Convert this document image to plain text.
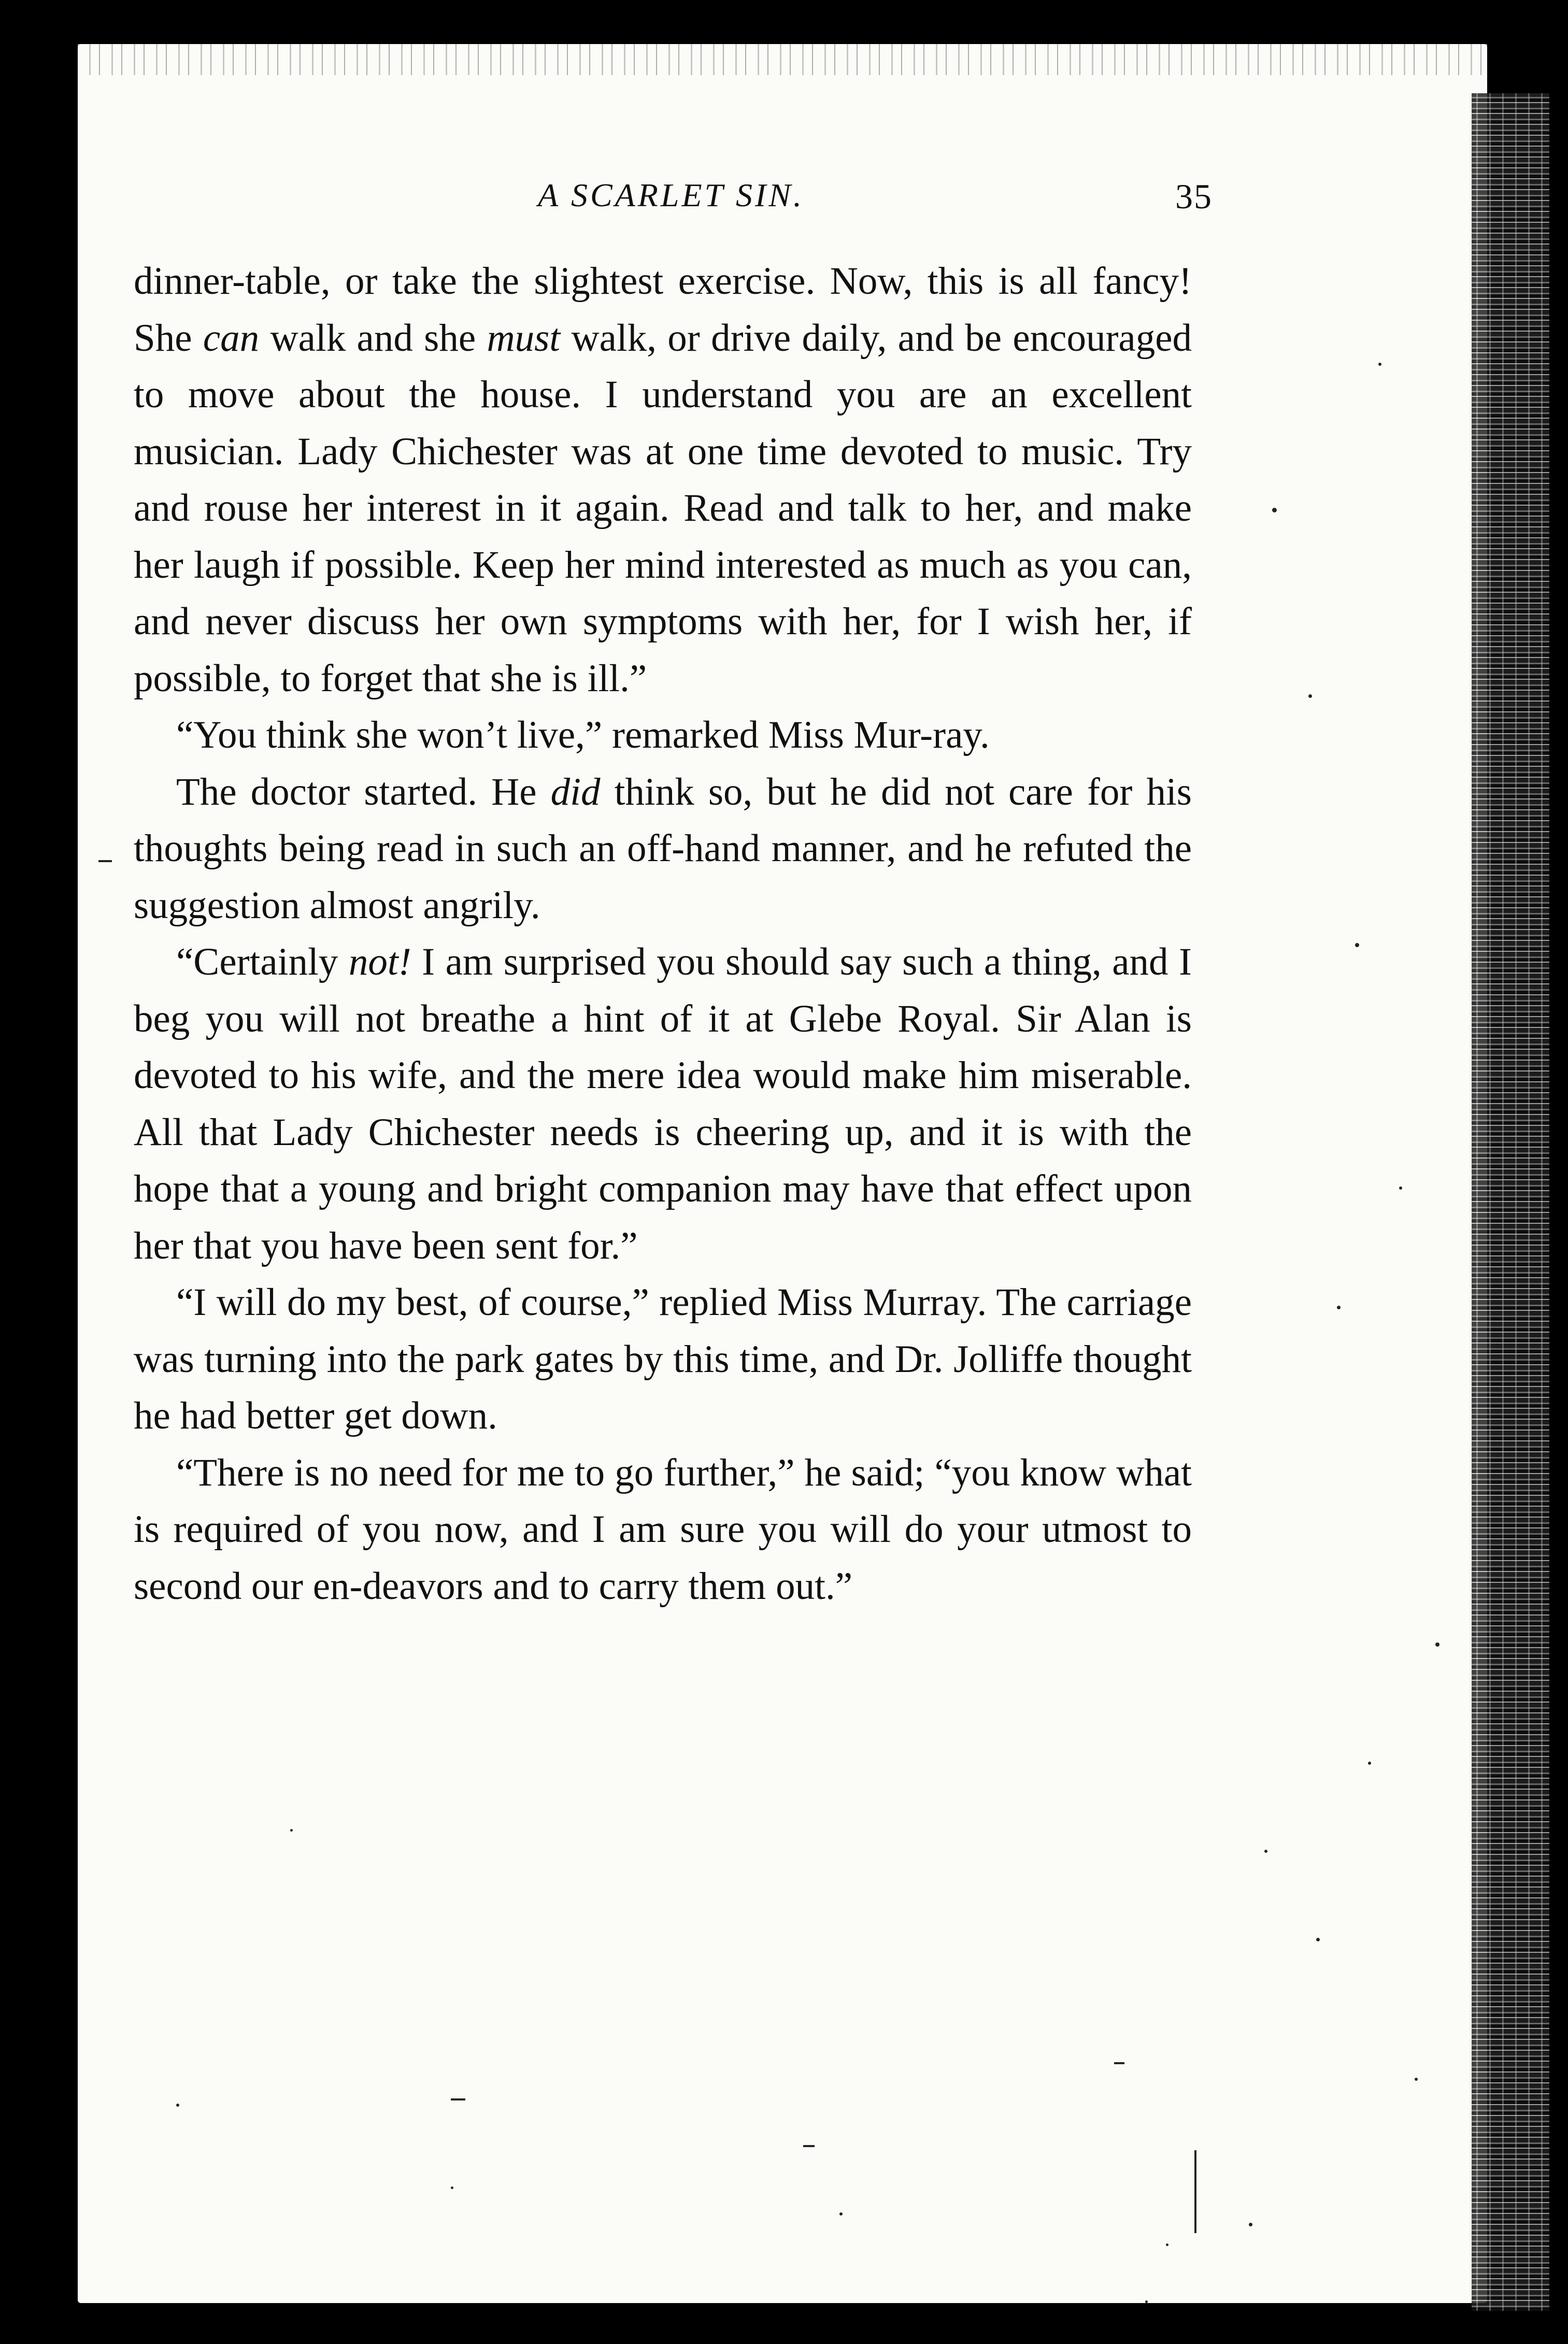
A SCARLET SIN.	35

dinner-table, or take the slightest exercise. Now, this is all fancy! She can walk and she must walk, or drive daily, and be encouraged to move about the house. I understand you are an excellent musician. Lady Chichester was at one time devoted to music. Try and rouse her interest in it again. Read and talk to her, and make her laugh if possible. Keep her mind interested as much as you can, and never discuss her own symptoms with her, for I wish her, if possible, to forget that she is ill.”

“You think she won’t live,” remarked Miss Mur-ray.

The doctor started. He did think so, but he did not care for his thoughts being read in such an off-hand manner, and he refuted the suggestion almost angrily.

“Certainly not! I am surprised you should say such a thing, and I beg you will not breathe a hint of it at Glebe Royal. Sir Alan is devoted to his wife, and the mere idea would make him miserable. All that Lady Chichester needs is cheering up, and it is with the hope that a young and bright companion may have that effect upon her that you have been sent for.”

“I will do my best, of course,” replied Miss Murray. The carriage was turning into the park gates by this time, and Dr. Jolliffe thought he had better get down.

“There is no need for me to go further,” he said; “you know what is required of you now, and I am sure you will do your utmost to second our en-deavors and to carry them out.”
